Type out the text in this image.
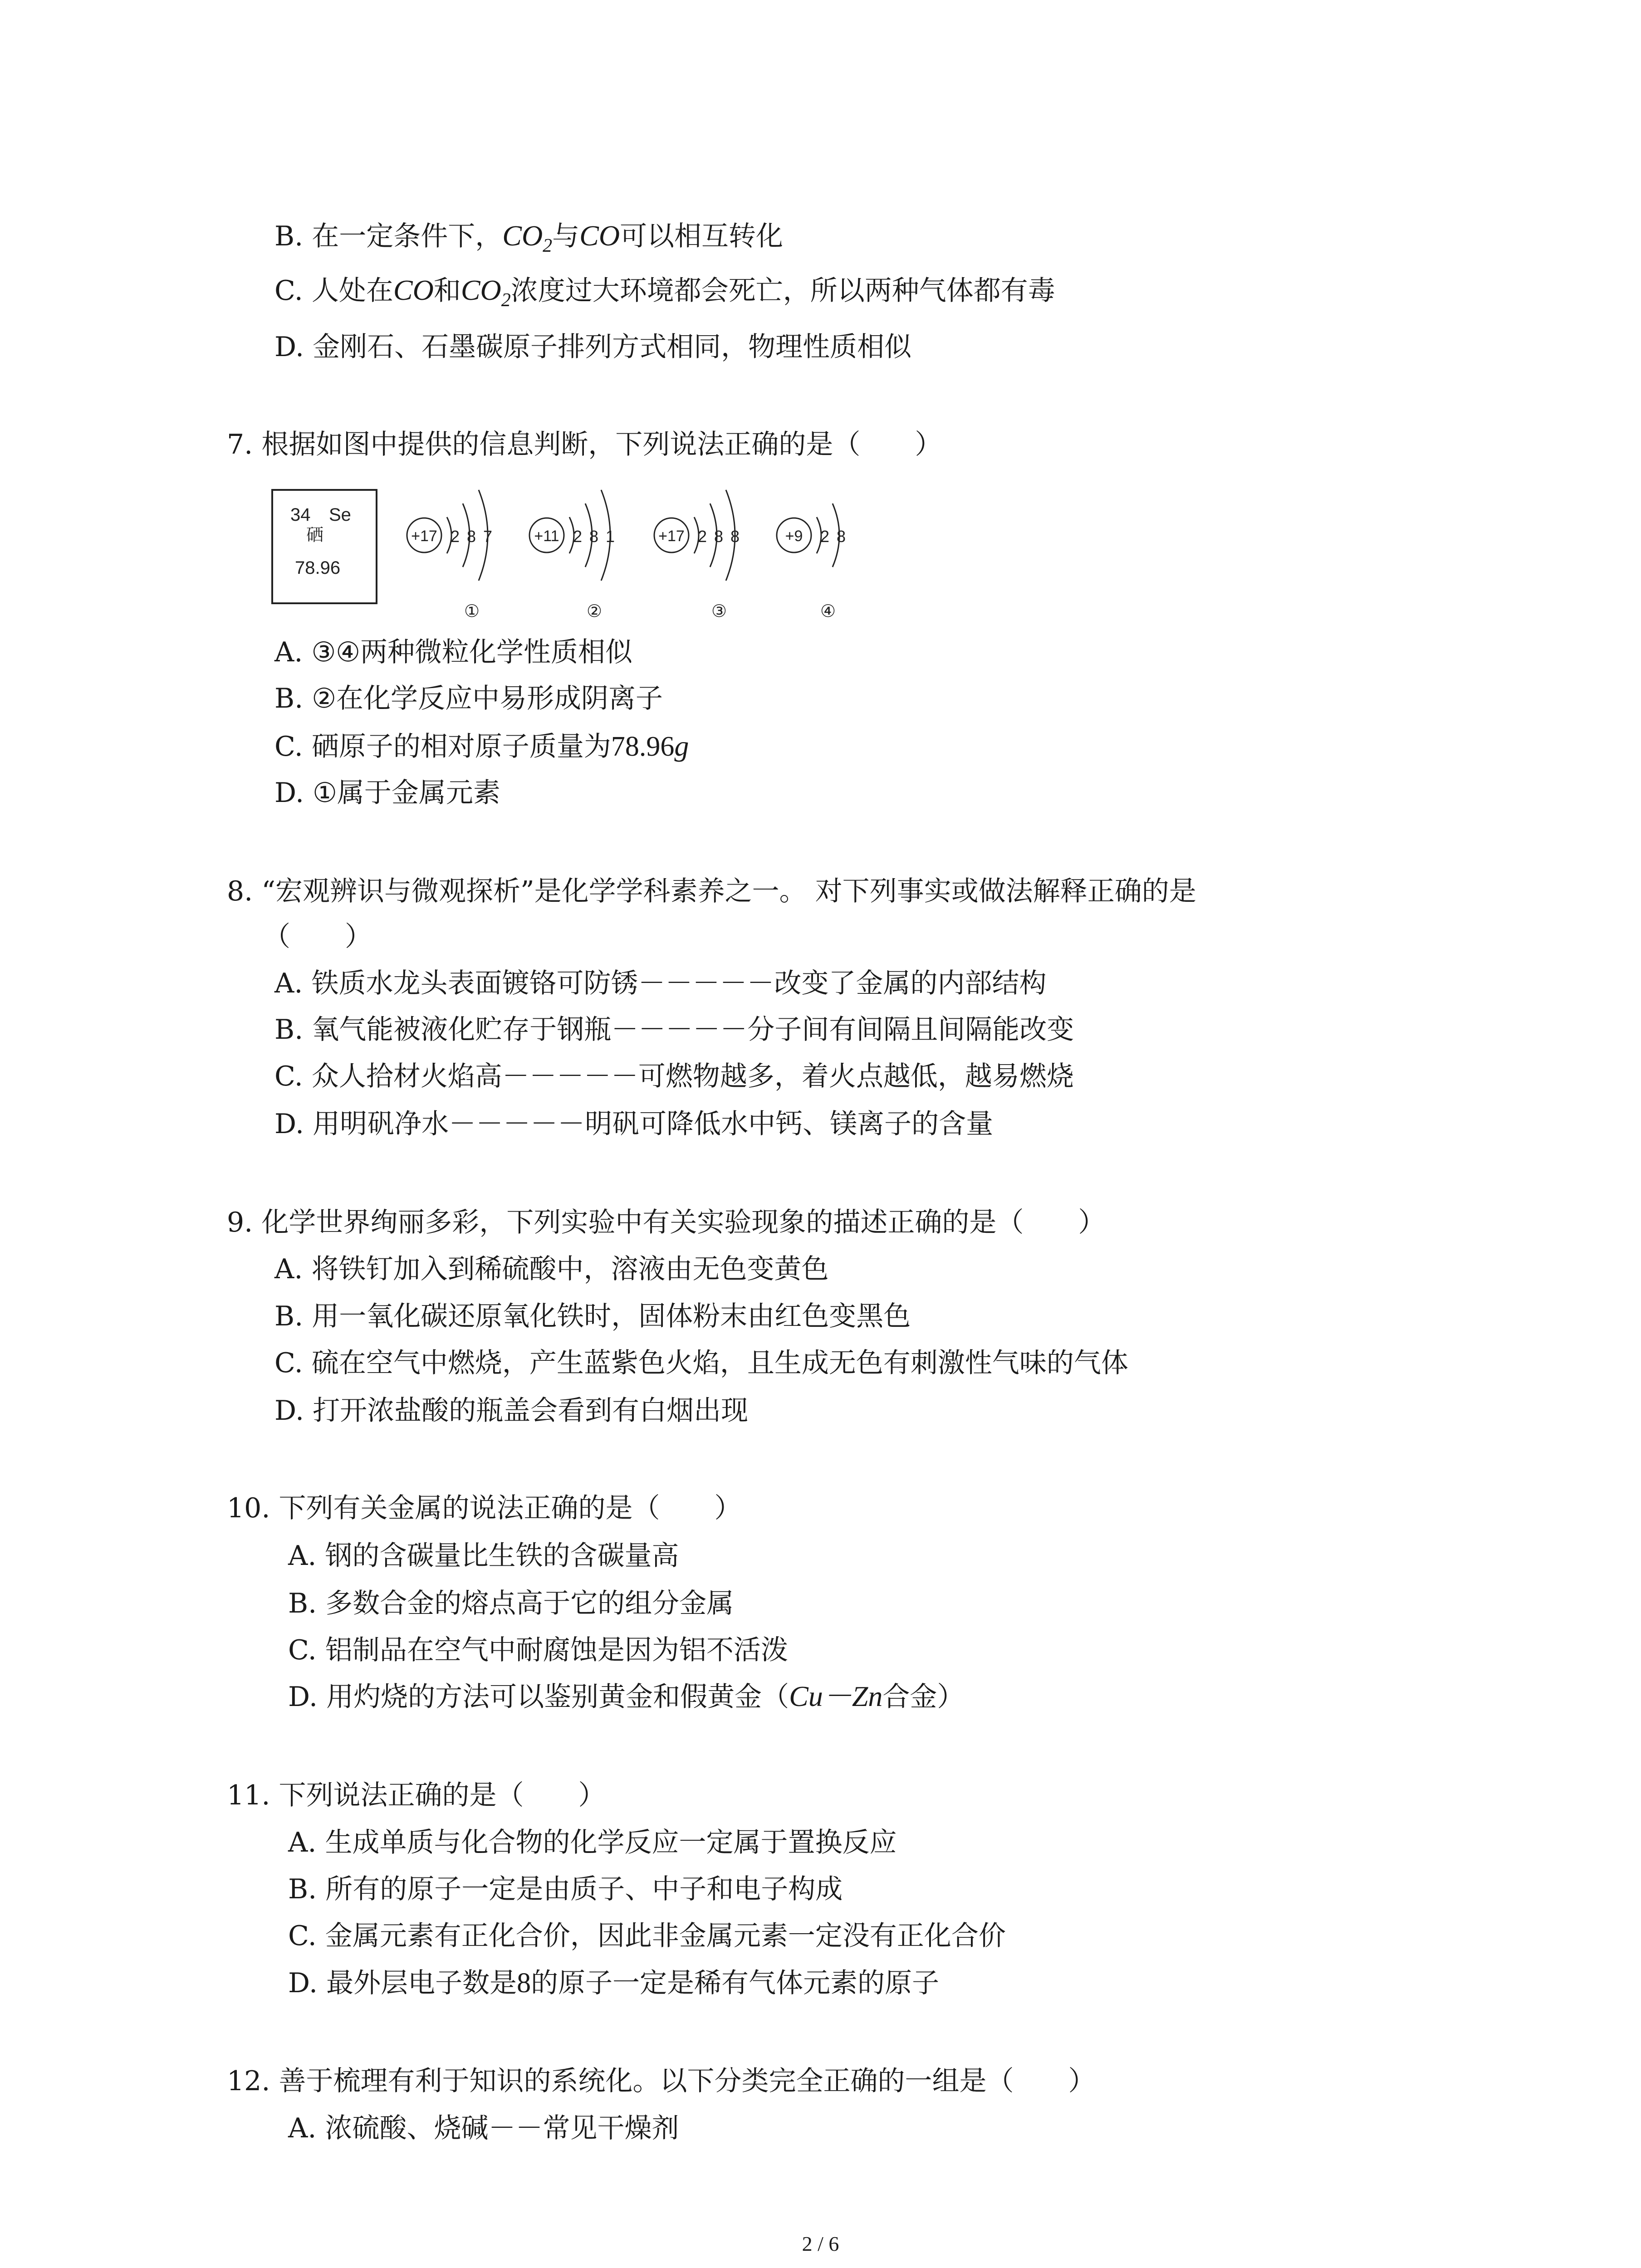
B. 在一定条件下，$CO_2$与CO可以相互转化
C. 人处在CO和$CO_2$浓度过大环境都会死亡，所以两种气体都有毒
D. 金刚石、石墨碳原子排列方式相同，物理性质相似
7. 根据如图中提供的信息判断，下列说法正确的是（　　）
34 Se
硒
78.96
+17 2 8 7
①
+11 2 8 1
②
+17 2 8 8
③
+9 2 8
④
A. ③④两种微粒化学性质相似
B. ②在化学反应中易形成阴离子
C. 硒原子的相对原子质量为78.96g
D. ①属于金属元素
8. “宏观辨识与微观探析”是化学学科素养之一。 对下列事实或做法解释正确的是
（　　）
A. 铁质水龙头表面镀铬可防锈－－－－－改变了金属的内部结构
B. 氧气能被液化贮存于钢瓶－－－－－分子间有间隔且间隔能改变
C. 众人拾材火焰高－－－－－可燃物越多，着火点越低，越易燃烧
D. 用明矾净水－－－－－明矾可降低水中钙、镁离子的含量
9. 化学世界绚丽多彩，下列实验中有关实验现象的描述正确的是（　　）
A. 将铁钉加入到稀硫酸中，溶液由无色变黄色
B. 用一氧化碳还原氧化铁时，固体粉末由红色变黑色
C. 硫在空气中燃烧，产生蓝紫色火焰，且生成无色有刺激性气味的气体
D. 打开浓盐酸的瓶盖会看到有白烟出现
10. 下列有关金属的说法正确的是（　　）
A. 钢的含碳量比生铁的含碳量高
B. 多数合金的熔点高于它的组分金属
C. 铝制品在空气中耐腐蚀是因为铝不活泼
D. 用灼烧的方法可以鉴别黄金和假黄金（Cu－Zn合金）
11. 下列说法正确的是（　　）
A. 生成单质与化合物的化学反应一定属于置换反应
B. 所有的原子一定是由质子、中子和电子构成
C. 金属元素有正化合价，因此非金属元素一定没有正化合价
D. 最外层电子数是8的原子一定是稀有气体元素的原子
12. 善于梳理有利于知识的系统化。以下分类完全正确的一组是（　　）
A. 浓硫酸、烧碱－－常见干燥剂
2 / 6
